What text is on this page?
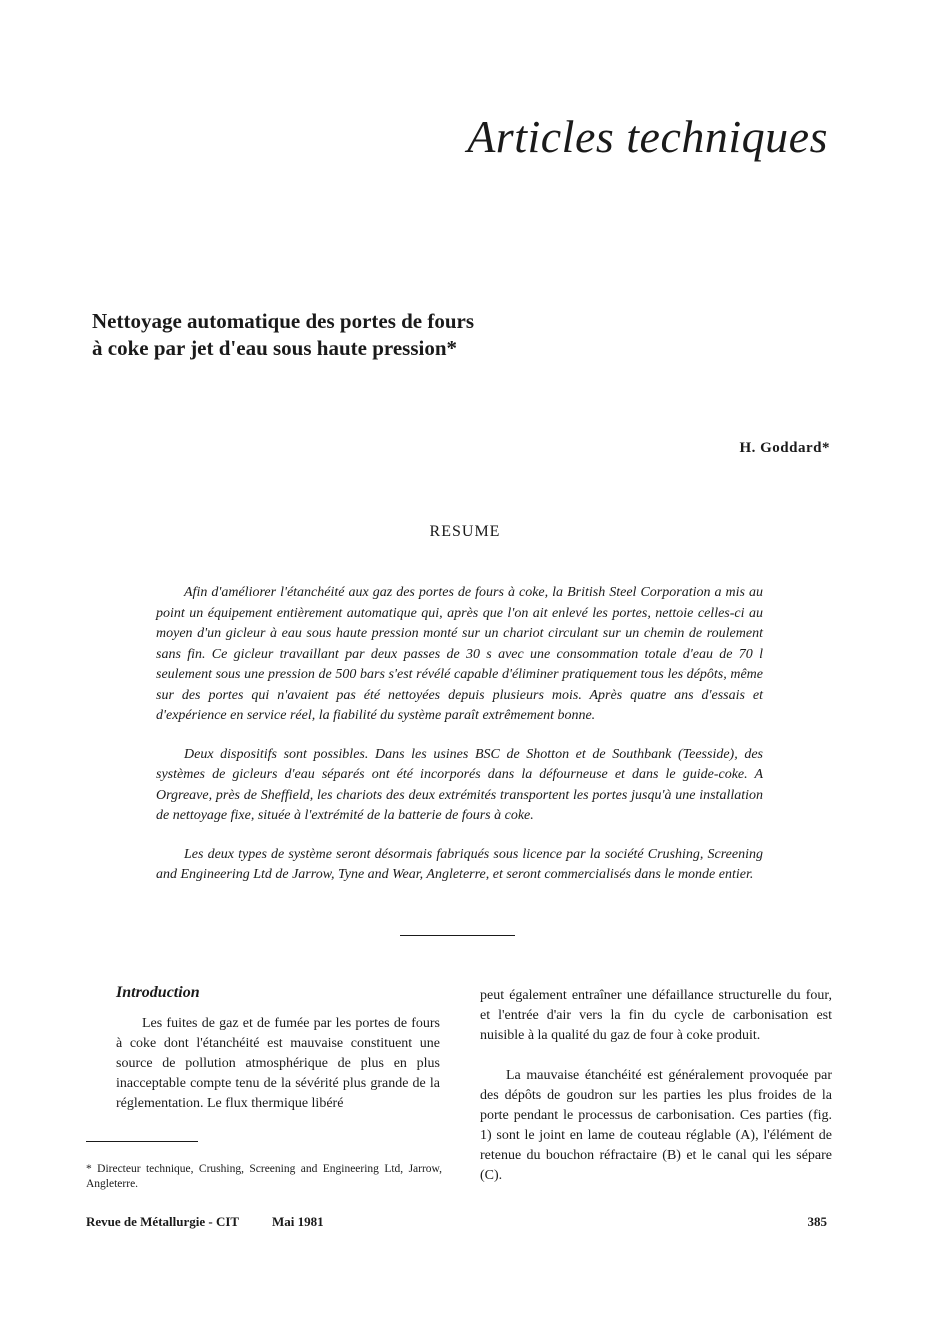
Articles techniques
Nettoyage automatique des portes de fours
à coke par jet d'eau sous haute pression*
H. Goddard*
RESUME

Afin d'améliorer l'étanchéité aux gaz des portes de fours à coke, la British Steel Corporation a mis au point un équipement entièrement automatique qui, après que l'on ait enlevé les portes, nettoie celles-ci au moyen d'un gicleur à eau sous haute pression monté sur un chariot circulant sur un chemin de roulement sans fin. Ce gicleur travaillant par deux passes de 30 s avec une consommation totale d'eau de 70 l seulement sous une pression de 500 bars s'est révélé capable d'éliminer pratiquement tous les dépôts, même sur des portes qui n'avaient pas été nettoyées depuis plusieurs mois. Après quatre ans d'essais et d'expérience en service réel, la fiabilité du système paraît extrêmement bonne.

Deux dispositifs sont possibles. Dans les usines BSC de Shotton et de Southbank (Teesside), des systèmes de gicleurs d'eau séparés ont été incorporés dans la défourneuse et dans le guide-coke. A Orgreave, près de Sheffield, les chariots des deux extrémités transportent les portes jusqu'à une installation de nettoyage fixe, située à l'extrémité de la batterie de fours à coke.

Les deux types de système seront désormais fabriqués sous licence par la société Crushing, Screening and Engineering Ltd de Jarrow, Tyne and Wear, Angleterre, et seront commercialisés dans le monde entier.

Introduction

Les fuites de gaz et de fumée par les portes de fours à coke dont l'étanchéité est mauvaise constituent une source de pollution atmosphérique de plus en plus inacceptable compte tenu de la sévérité plus grande de la réglementation. Le flux thermique libéré

peut également entraîner une défaillance structurelle du four, et l'entrée d'air vers la fin du cycle de carbonisation est nuisible à la qualité du gaz de four à coke produit.

La mauvaise étanchéité est généralement provoquée par des dépôts de goudron sur les parties les plus froides de la porte pendant le processus de carbonisation. Ces parties (fig. 1) sont le joint en lame de couteau réglable (A), l'élément de retenue du bouchon réfractaire (B) et le canal qui les sépare (C).

* Directeur technique, Crushing, Screening and Engineering Ltd, Jarrow, Angleterre.
Revue de Métallurgie - CIT	Mai 1981	385
